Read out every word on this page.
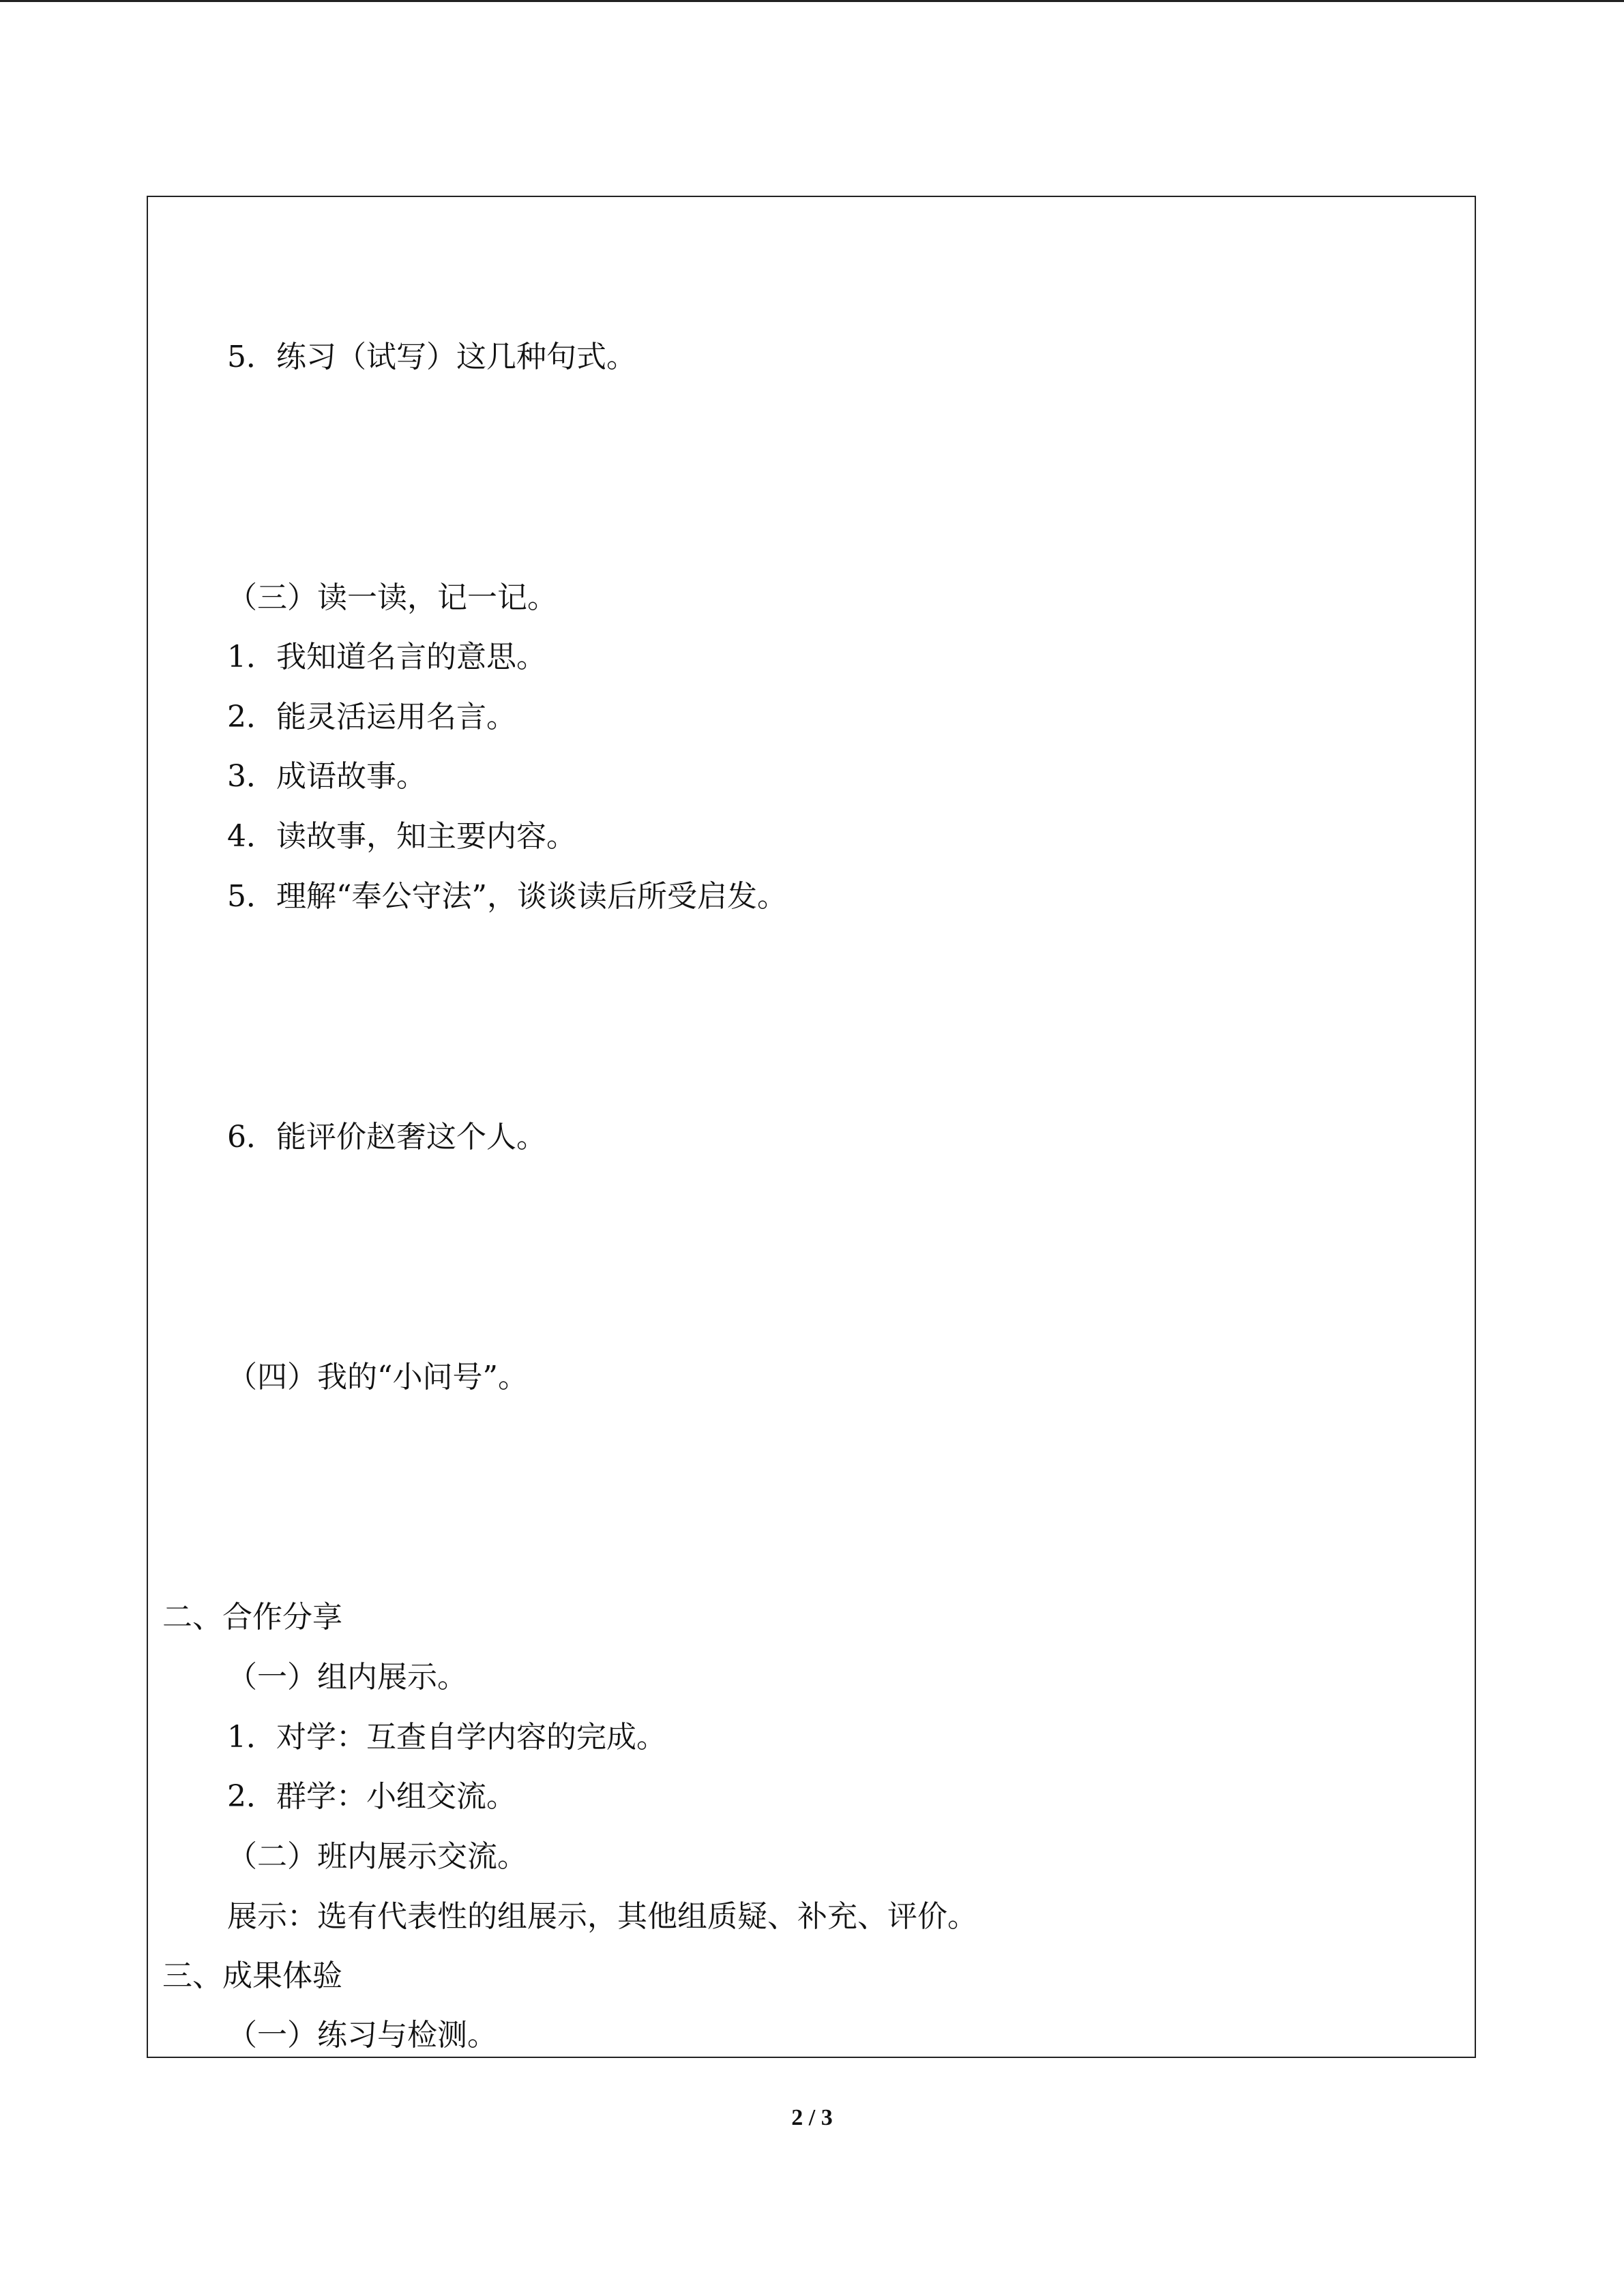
5．练习（试写）这几种句式。
（三）读一读，记一记。
1．我知道名言的意思。
2．能灵活运用名言。
3．成语故事。
4．读故事，知主要内容。
5．理解“奉公守法”，谈谈读后所受启发。
6．能评价赵奢这个人。
（四）我的“小问号”。
二、合作分享
（一）组内展示。
1．对学：互查自学内容的完成。
2．群学：小组交流。
（二）班内展示交流。
展示：选有代表性的组展示，其他组质疑、补充、评价。
三、成果体验
（一）练习与检测。
2 / 3
